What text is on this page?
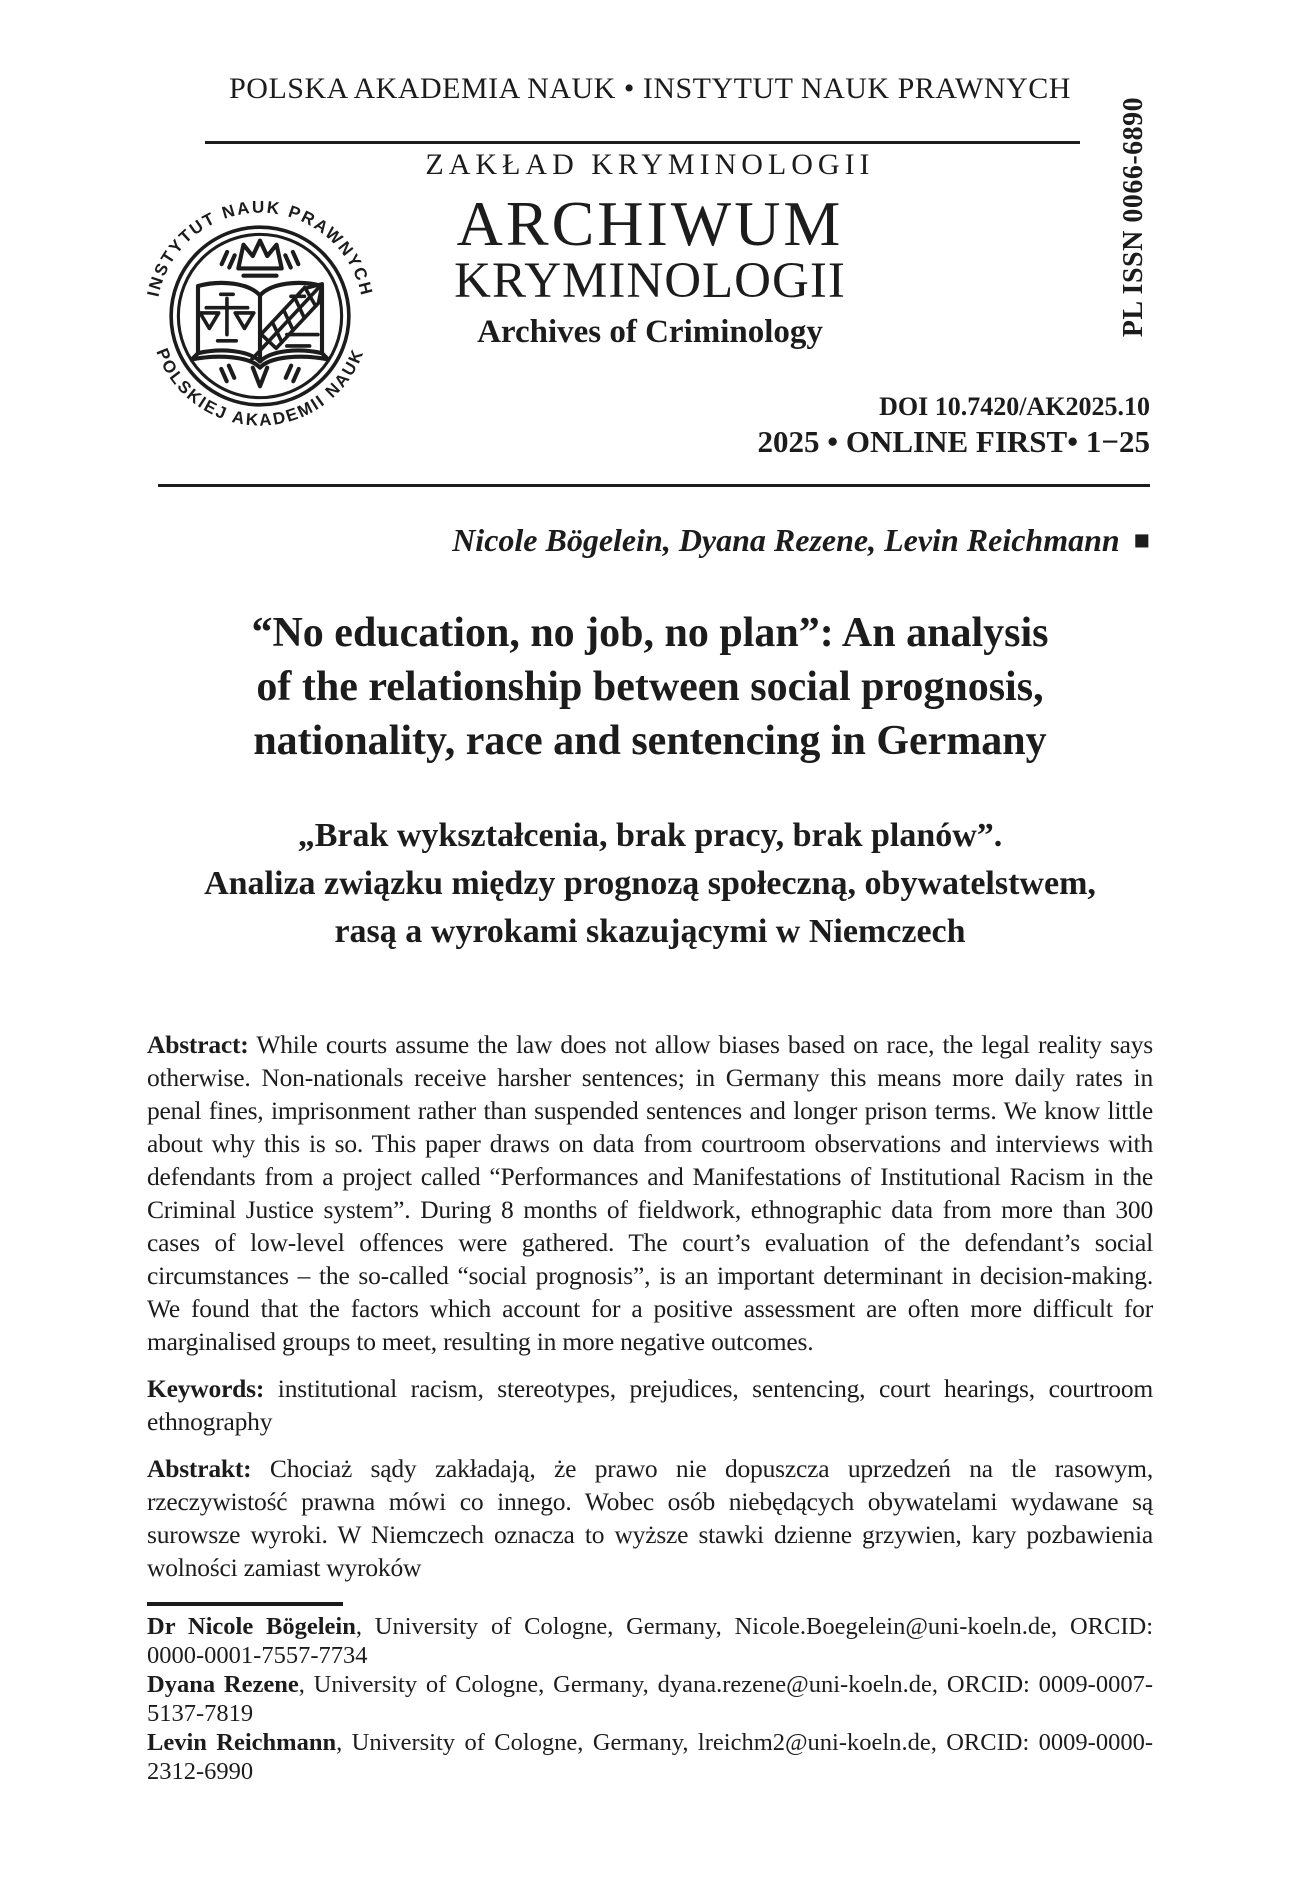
POLSKA AKADEMIA NAUK • INSTYTUT NAUK PRAWNYCH
ZAKŁAD KRYMINOLOGII
INSTYTUT NAUK PRAWNYCH
POLSKIEJ AKADEMII NAUK
ARCHIWUM
KRYMINOLOGII
Archives of Criminology	PL ISSN 0066-6890
DOI 10.7420/AK2025.10
2025 • ONLINE FIRST• 1−25
Nicole Bögelein, Dyana Rezene, Levin Reichmann ■
“No education, no job, no plan”: An analysis
of the relationship between social prognosis,
nationality, race and sentencing in Germany
„Brak wykształcenia, brak pracy, brak planów”.
Analiza związku między prognozą społeczną, obywatelstwem,
rasą a wyrokami skazującymi w Niemczech

Abstract: While courts assume the law does not allow biases based on race, the legal reality says otherwise. Non-nationals receive harsher sentences; in Germany this means more daily rates in penal fines, imprisonment rather than suspended sentences and longer prison terms. We know little about why this is so. This paper draws on data from courtroom observations and interviews with defendants from a project called “Performances and Manifestations of Institutional Racism in the Criminal Justice system”. During 8 months of fieldwork, ethnographic data from more than 300 cases of low-level offences were gathered. The court’s evaluation of the defendant’s social circumstances – the so-called “social prognosis”, is an important determinant in decision-making. We found that the factors which account for a positive assessment are often more difficult for marginalised groups to meet, resulting in more negative outcomes.

Keywords: institutional racism, stereotypes, prejudices, sentencing, court hearings, courtroom ethnography

Abstrakt: Chociaż sądy zakładają, że prawo nie dopuszcza uprzedzeń na tle rasowym, rzeczywistość prawna mówi co innego. Wobec osób niebędących obywatelami wydawane są surowsze wyroki. W Niemczech oznacza to wyższe stawki dzienne grzywien, kary pozbawienia wolności zamiast wyroków

Dr Nicole Bögelein, University of Cologne, Germany, Nicole.Boegelein@uni-koeln.de, ORCID: 0000-0001-7557-7734

Dyana Rezene, University of Cologne, Germany, dyana.rezene@uni-koeln.de, ORCID: 0009-0007-5137-7819

Levin Reichmann, University of Cologne, Germany, lreichm2@uni-koeln.de, ORCID: 0009-0000-2312-6990
